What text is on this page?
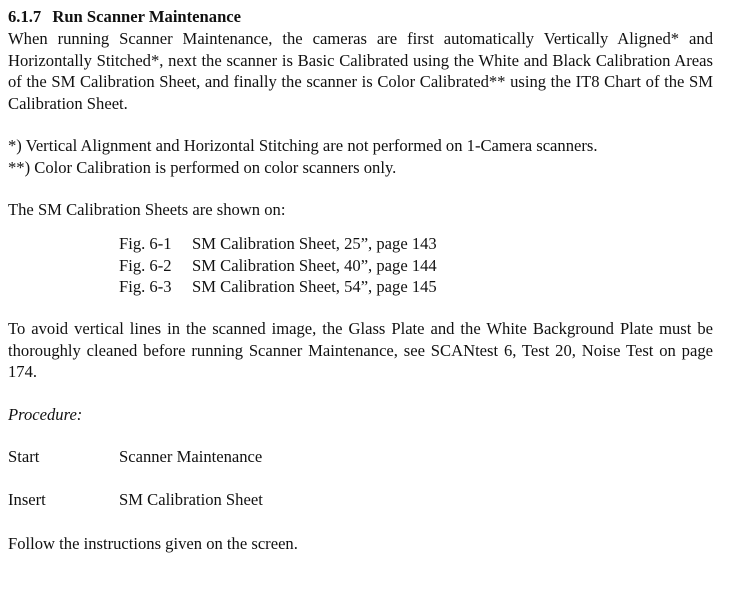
6.1.7 Run Scanner Maintenance

When running Scanner Maintenance, the cameras are first automatically Vertically Aligned* and Horizontally Stitched*, next the scanner is Basic Calibrated using the White and Black Calibration Areas of the SM Calibration Sheet, and finally the scanner is Color Calibrated** using the IT8 Chart of the SM Calibration Sheet.

*) Vertical Alignment and Horizontal Stitching are not performed on 1-Camera scanners.
**) Color Calibration is performed on color scanners only.

The SM Calibration Sheets are shown on:

Fig. 6-1 SM Calibration Sheet, 25”, page 143
Fig. 6-2 SM Calibration Sheet, 40”, page 144
Fig. 6-3 SM Calibration Sheet, 54”, page 145

To avoid vertical lines in the scanned image, the Glass Plate and the White Background Plate must be thoroughly cleaned before running Scanner Maintenance, see SCANtest 6, Test 20, Noise Test on page 174.

Procedure:

Start	Scanner Maintenance
Insert	SM Calibration Sheet

Follow the instructions given on the screen.
